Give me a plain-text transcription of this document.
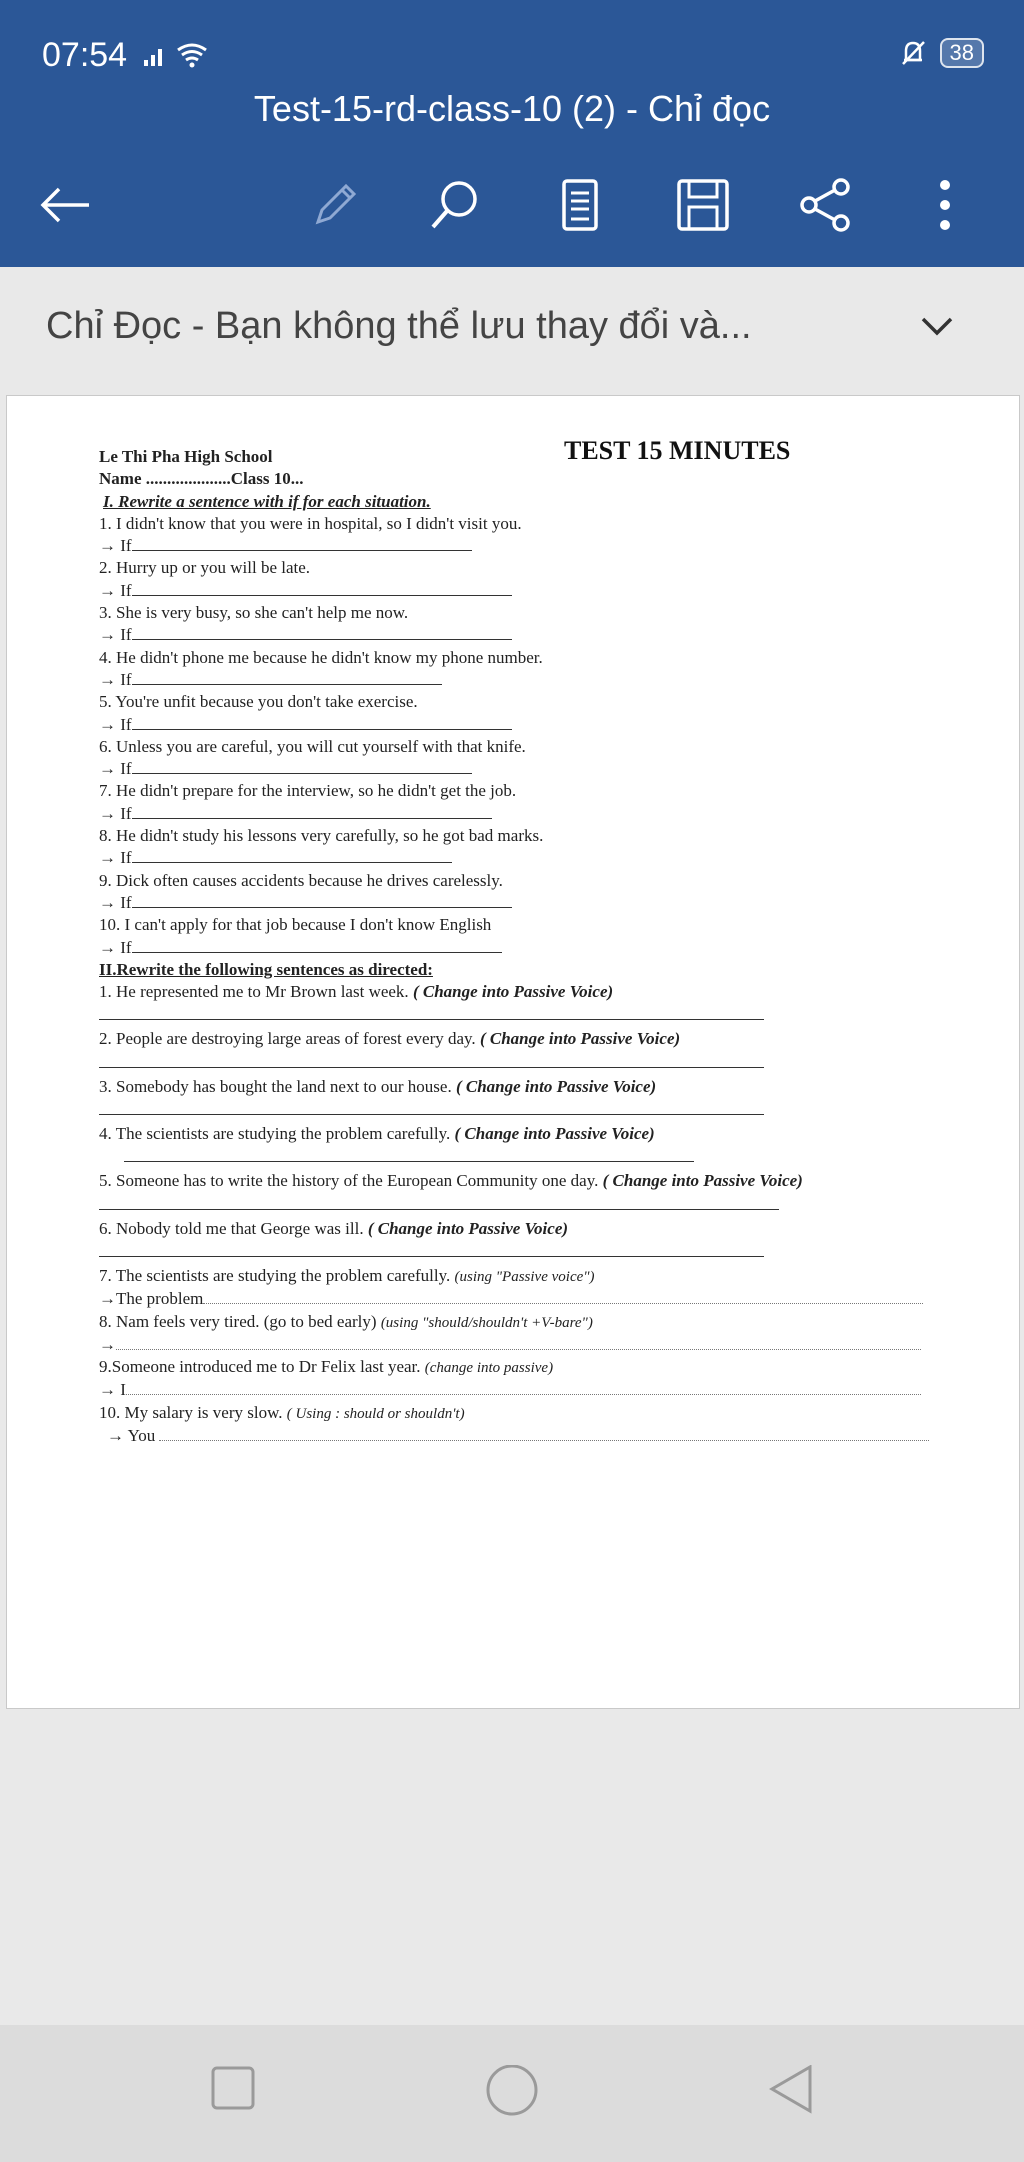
07:54	38
Test-15-rd-class-10 (2) - Chỉ đọc
Chỉ Đọc - Bạn không thể lưu thay đổi và...
TEST 15 MINUTES
Le Thi Pha High School
Name ....................Class 10...
I. Rewrite a sentence with if for each situation.
1. I didn't know that you were in hospital, so I didn't visit you.
→ If
2. Hurry up or you will be late.
→ If
3. She is very busy, so she can't help me now.
→ If
4. He didn't phone me because he didn't know my phone number.
→ If
5. You're unfit because you don't take exercise.
→ If
6. Unless you are careful, you will cut yourself with that knife.
→ If
7. He didn't prepare for the interview, so he didn't get the job.
→ If
8. He didn't study his lessons very carefully, so he got bad marks.
→ If
9. Dick often causes accidents because he drives carelessly.
→ If
10. I can't apply for that job because I don't know English
→ If
II.Rewrite the following sentences as directed:
1. He represented me to Mr Brown last week. ( Change into Passive Voice)
2. People are destroying large areas of forest every day. ( Change into Passive Voice)
3. Somebody has bought the land next to our house. ( Change into Passive Voice)
4. The scientists are studying the problem carefully. ( Change into Passive Voice)
5. Someone has to write the history of the European Community one day. ( Change into Passive Voice)
6. Nobody told me that George was ill. ( Change into Passive Voice)
7. The scientists are studying the problem carefully. (using "Passive voice")
→The problem
8. Nam feels very tired. (go to bed early) (using "should/shouldn't +V-bare")
→
9.Someone introduced me to Dr Felix last year. (change into passive)
→ I
10. My salary is very slow. ( Using : should or shouldn't)
→ You
